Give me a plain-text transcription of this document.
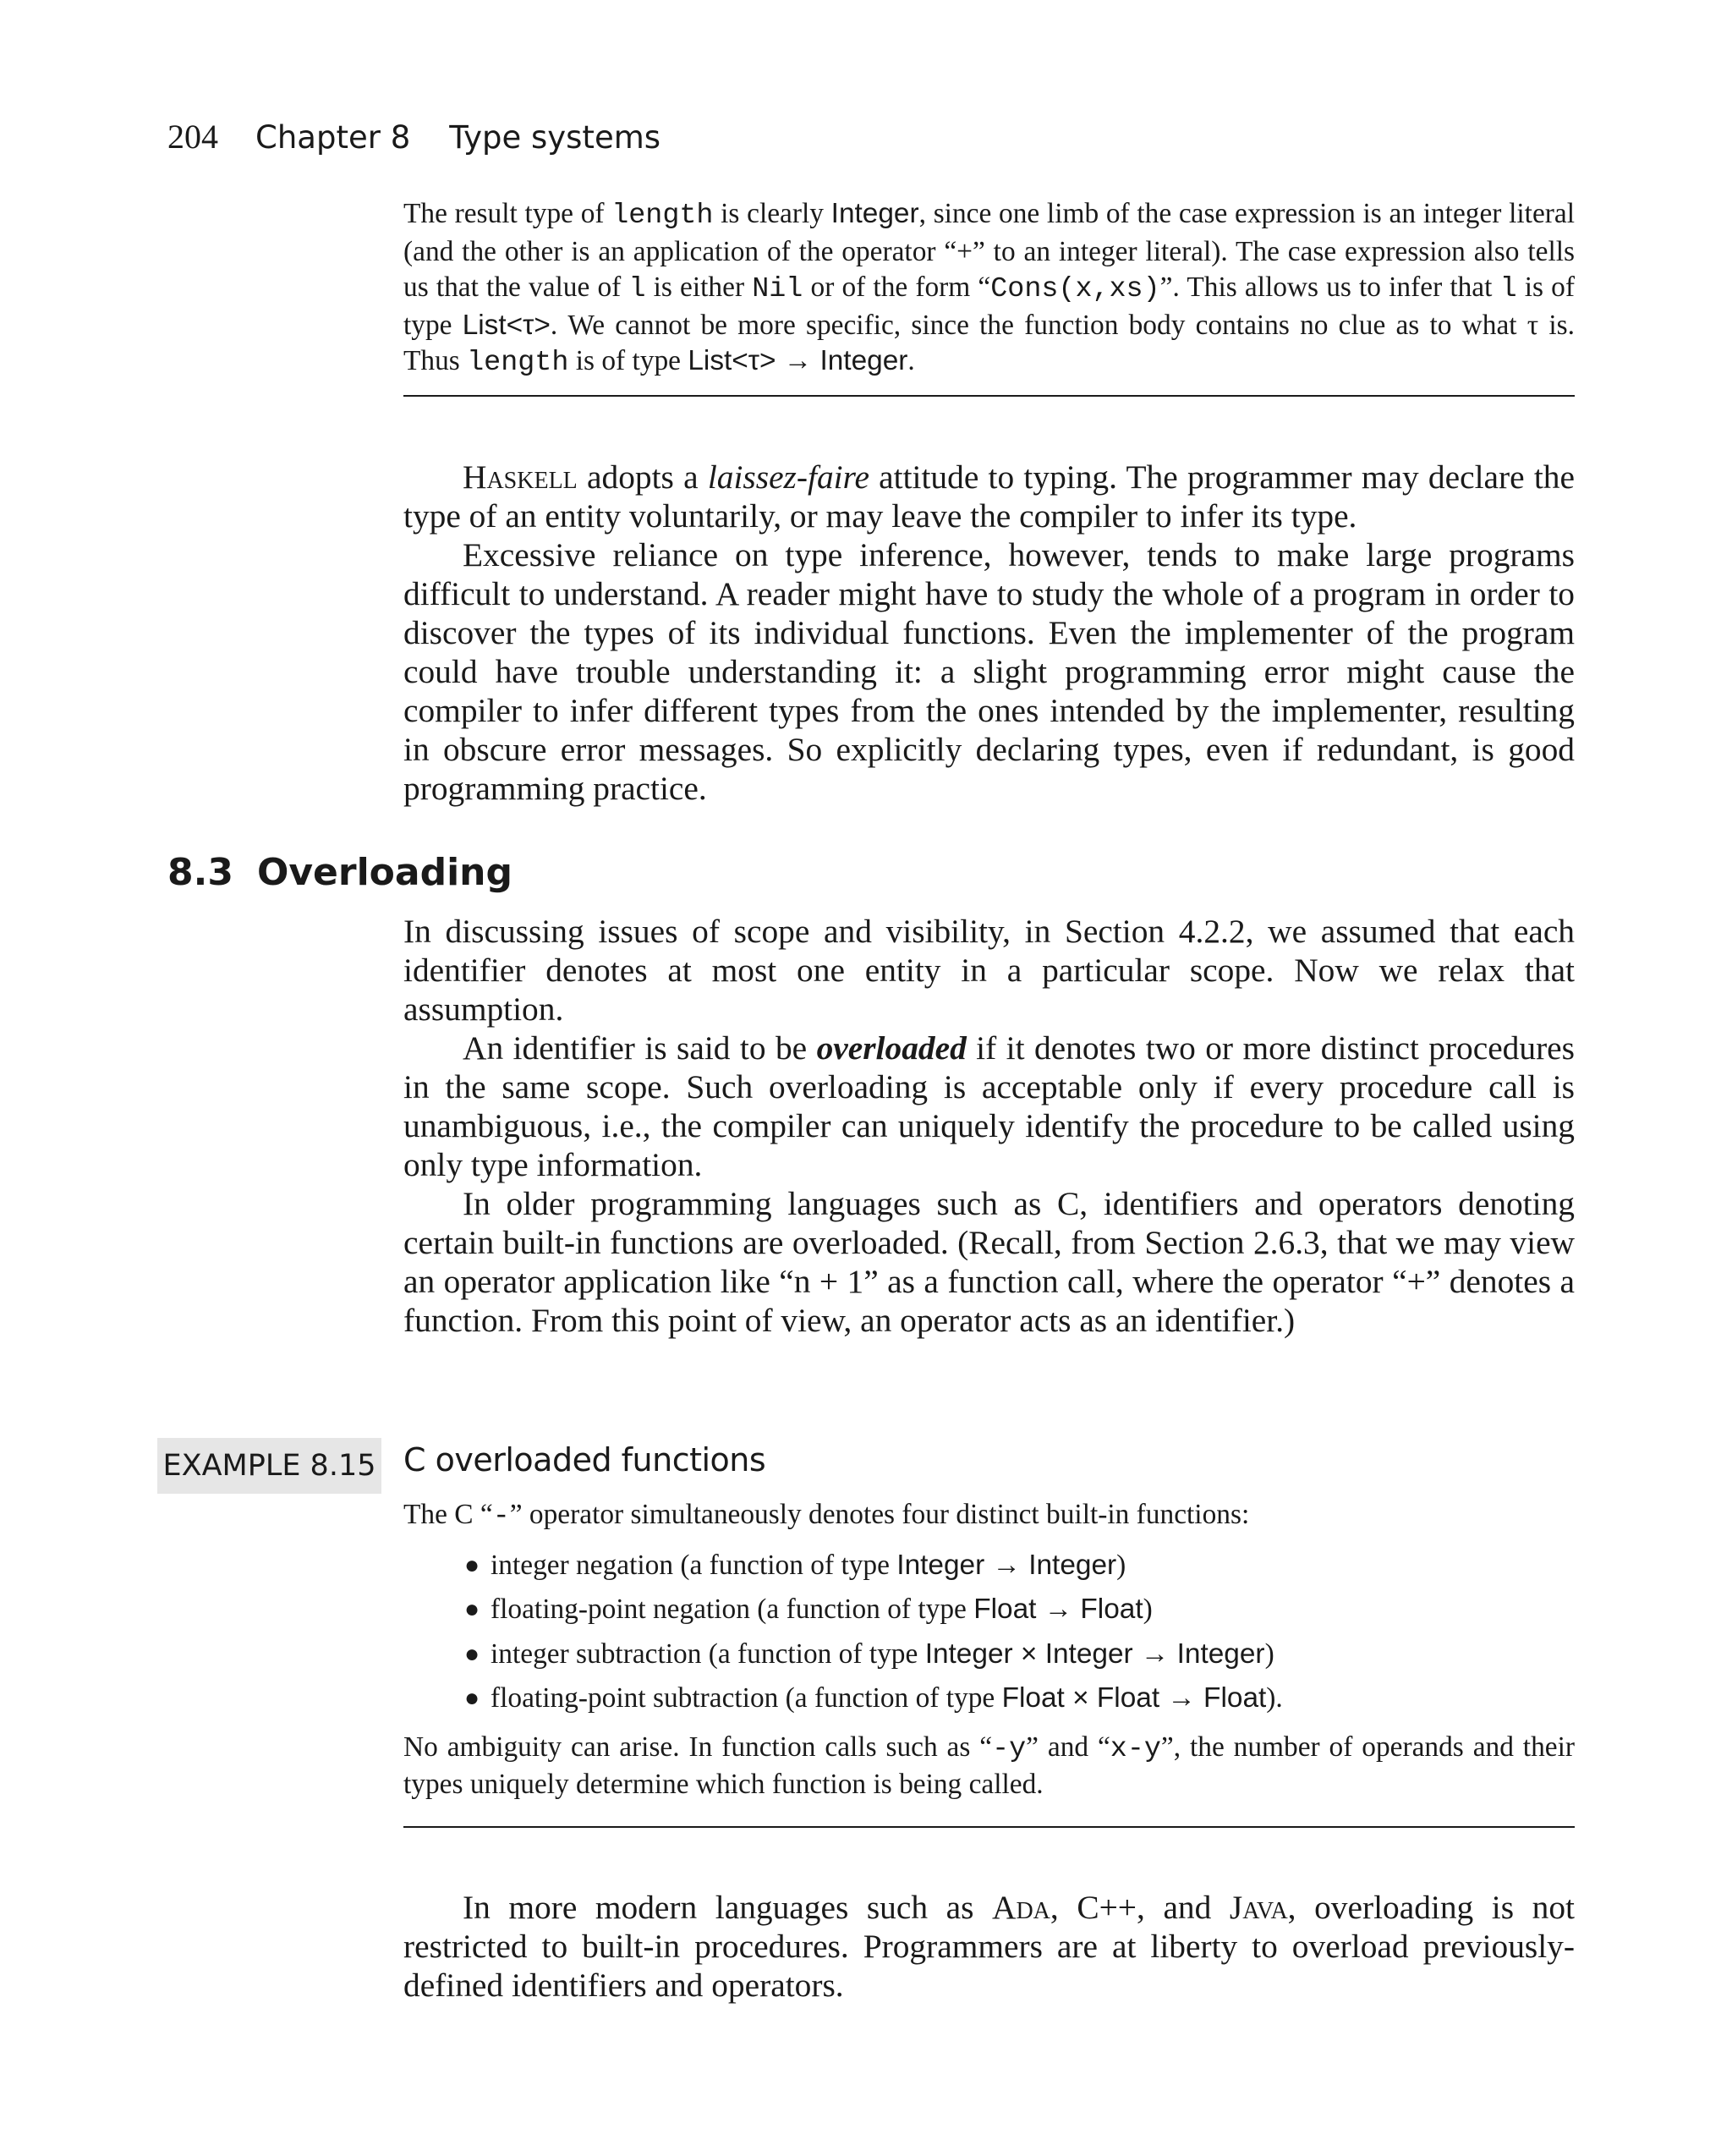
204 Chapter 8 Type systems

The result type of length is clearly Integer, since one limb of the case expression is an integer literal (and the other is an application of the operator “+” to an integer literal). The case expression also tells us that the value of l is either Nil or of the form “Cons(x,xs)”. This allows us to infer that l is of type List<τ>. We cannot be more specific, since the function body contains no clue as to what τ is. Thus length is of type List<τ> → Integer.

Haskell adopts a laissez-faire attitude to typing. The programmer may declare the type of an entity voluntarily, or may leave the compiler to infer its type.

Excessive reliance on type inference, however, tends to make large programs difficult to understand. A reader might have to study the whole of a program in order to discover the types of its individual functions. Even the implementer of the program could have trouble understanding it: a slight programming error might cause the compiler to infer different types from the ones intended by the implementer, resulting in obscure error messages. So explicitly declaring types, even if redundant, is good programming practice.

8.3 Overloading

In discussing issues of scope and visibility, in Section 4.2.2, we assumed that each identifier denotes at most one entity in a particular scope. Now we relax that assumption.

An identifier is said to be overloaded if it denotes two or more distinct procedures in the same scope. Such overloading is acceptable only if every procedure call is unambiguous, i.e., the compiler can uniquely identify the procedure to be called using only type information.

In older programming languages such as C, identifiers and operators denoting certain built-in functions are overloaded. (Recall, from Section 2.6.3, that we may view an operator application like “n + 1” as a function call, where the operator “+” denotes a function. From this point of view, an operator acts as an identifier.)

EXAMPLE 8.15 C overloaded functions

The C “-” operator simultaneously denotes four distinct built-in functions:

● integer negation (a function of type Integer → Integer)
● floating-point negation (a function of type Float → Float)
● integer subtraction (a function of type Integer × Integer → Integer)
● floating-point subtraction (a function of type Float × Float → Float).

No ambiguity can arise. In function calls such as “-y” and “x-y”, the number of operands and their types uniquely determine which function is being called.

In more modern languages such as Ada, C++, and Java, overloading is not restricted to built-in procedures. Programmers are at liberty to overload previously-defined identifiers and operators.
